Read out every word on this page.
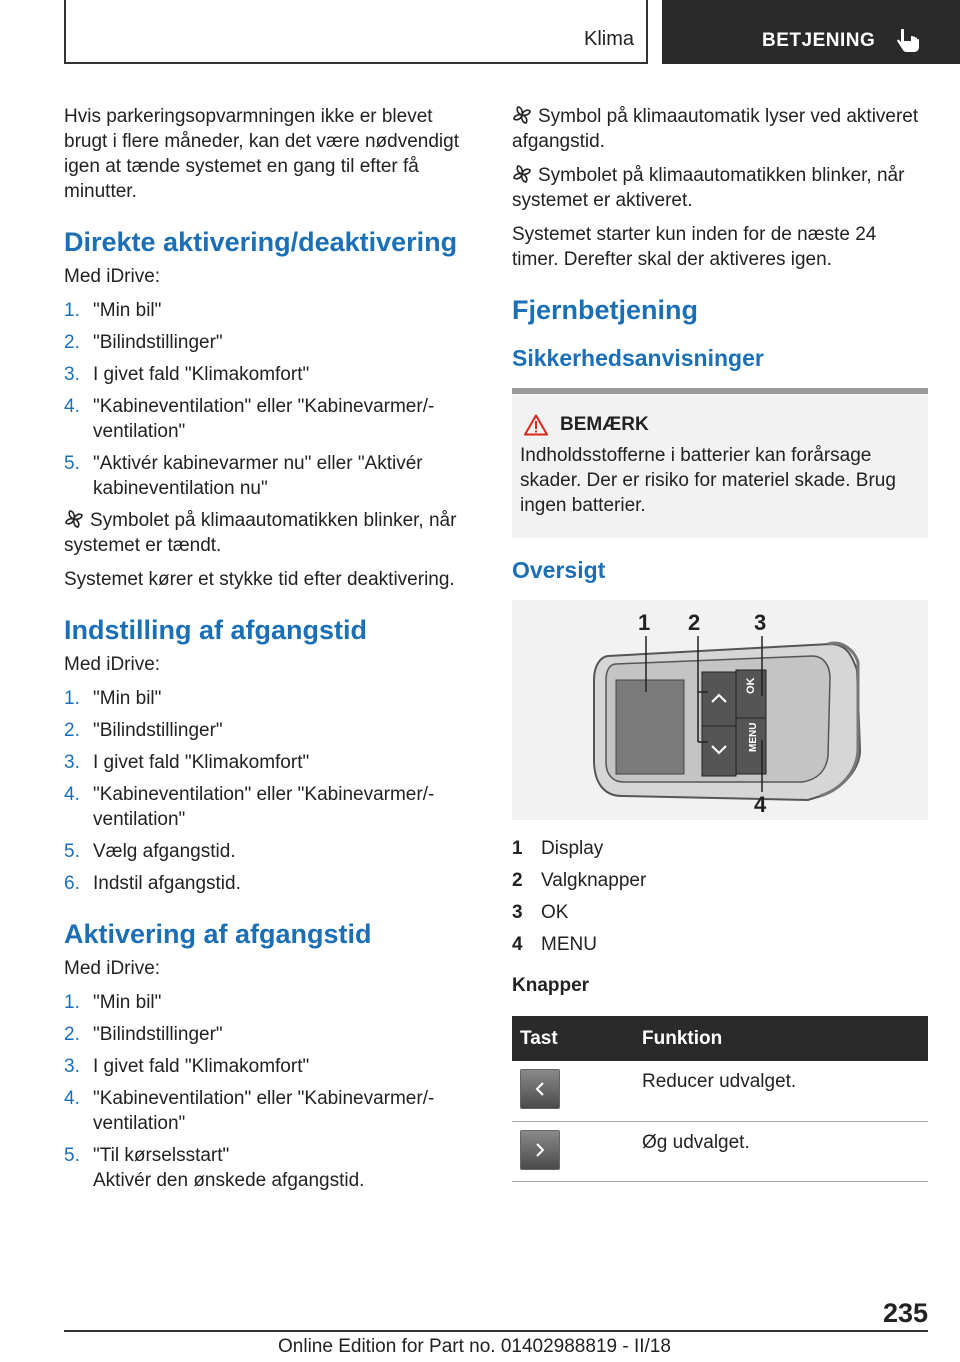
Klima	BETJENING

Hvis parkeringsopvarmningen ikke er blevet brugt i flere måneder, kan det være nødvendigt igen at tænde systemet en gang til efter få minutter.

Direkte aktivering/deaktivering

Med iDrive:

1. "Min bil"
2. "Bilindstillinger"
3. I givet fald "Klimakomfort"
4. "Kabineventilation" eller "Kabinevarmer/-ventilation"
5. "Aktivér kabinevarmer nu" eller "Aktivér kabineventilation nu"

Symbolet på klimaautomatikken blinker, når systemet er tændt.

Systemet kører et stykke tid efter deaktivering.

Indstilling af afgangstid

Med iDrive:

1. "Min bil"
2. "Bilindstillinger"
3. I givet fald "Klimakomfort"
4. "Kabineventilation" eller "Kabinevarmer/-ventilation"
5. Vælg afgangstid.
6. Indstil afgangstid.
Aktivering af afgangstid

Med iDrive:

1. "Min bil"
2. "Bilindstillinger"
3. I givet fald "Klimakomfort"
4. "Kabineventilation" eller "Kabinevarmer/-ventilation"
5. "Til kørselsstart"
Aktivér den ønskede afgangstid.

Symbol på klimaautomatik lyser ved aktiveret afgangstid.

Symbolet på klimaautomatikken blinker, når systemet er aktiveret.

Systemet starter kun inden for de næste 24 timer. Derefter skal der aktiveres igen.

Fjernbetjening
Sikkerhedsanvisninger
BEMÆRK
Indholdsstofferne i batterier kan forårsage skader. Der er risiko for materiel skade. Brug ingen batterier.
Oversigt
OK
MENU
1 2 3
4
1 Display
2 Valgknapper
3 OK
4 MENU
Knapper
Tast	Funktion

	Reducer udvalget.

	Øg udvalget.
235
Online Edition for Part no. 01402988819 - II/18
